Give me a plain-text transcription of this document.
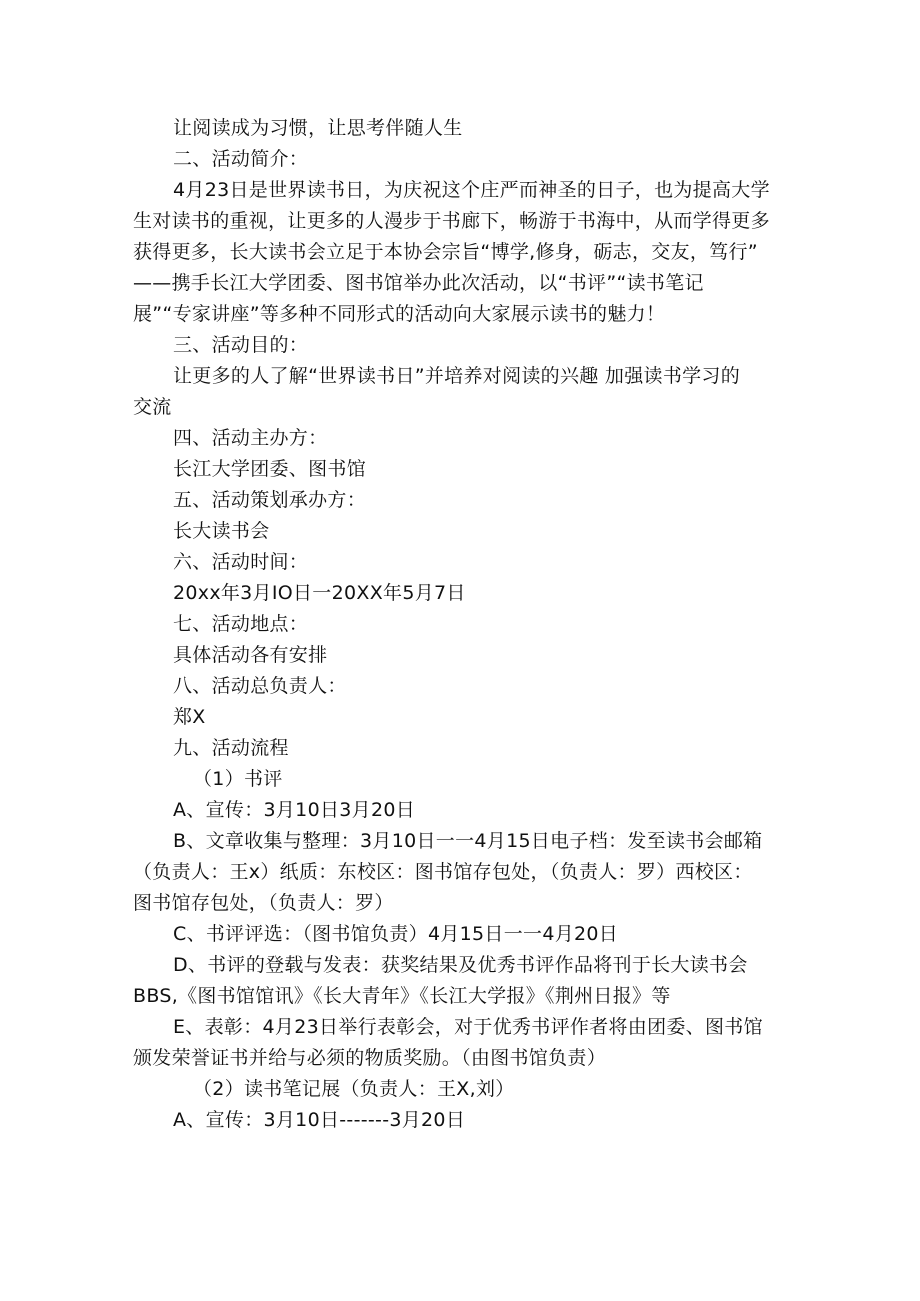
让阅读成为习惯，让思考伴随人生
二、活动简介：
4月23日是世界读书日，为庆祝这个庄严而神圣的日子，也为提高大学
生对读书的重视，让更多的人漫步于书廊下，畅游于书海中，从而学得更多
获得更多，长大读书会立足于本协会宗旨“博学,修身，砺志，交友，笃行”
——携手长江大学团委、图书馆举办此次活动，以“书评”“读书笔记
展”“专家讲座”等多种不同形式的活动向大家展示读书的魅力！
三、活动目的：
让更多的人了解“世界读书日”并培养对阅读的兴趣 加强读书学习的
交流
四、活动主办方：
长江大学团委、图书馆
五、活动策划承办方：
长大读书会
六、活动时间：
20xx年3月IO日一20XX年5月7日
七、活动地点：
具体活动各有安排
八、活动总负责人：
郑X
九、活动流程
（1）书评
A、宣传：3月10日3月20日
B、文章收集与整理：3月10日一一4月15日电子档：发至读书会邮箱
（负责人：王x）纸质：东校区：图书馆存包处，（负责人：罗）西校区：
图书馆存包处，（负责人：罗）
C、书评评选：（图书馆负责）4月15日一一4月20日
D、书评的登载与发表：获奖结果及优秀书评作品将刊于长大读书会
BBS,《图书馆馆讯》《长大青年》《长江大学报》《荆州日报》等
E、表彰：4月23日举行表彰会，对于优秀书评作者将由团委、图书馆
颁发荣誉证书并给与必须的物质奖励。（由图书馆负责）
（2）读书笔记展（负责人：王X,刘）
A、宣传：3月10日-------3月20日
